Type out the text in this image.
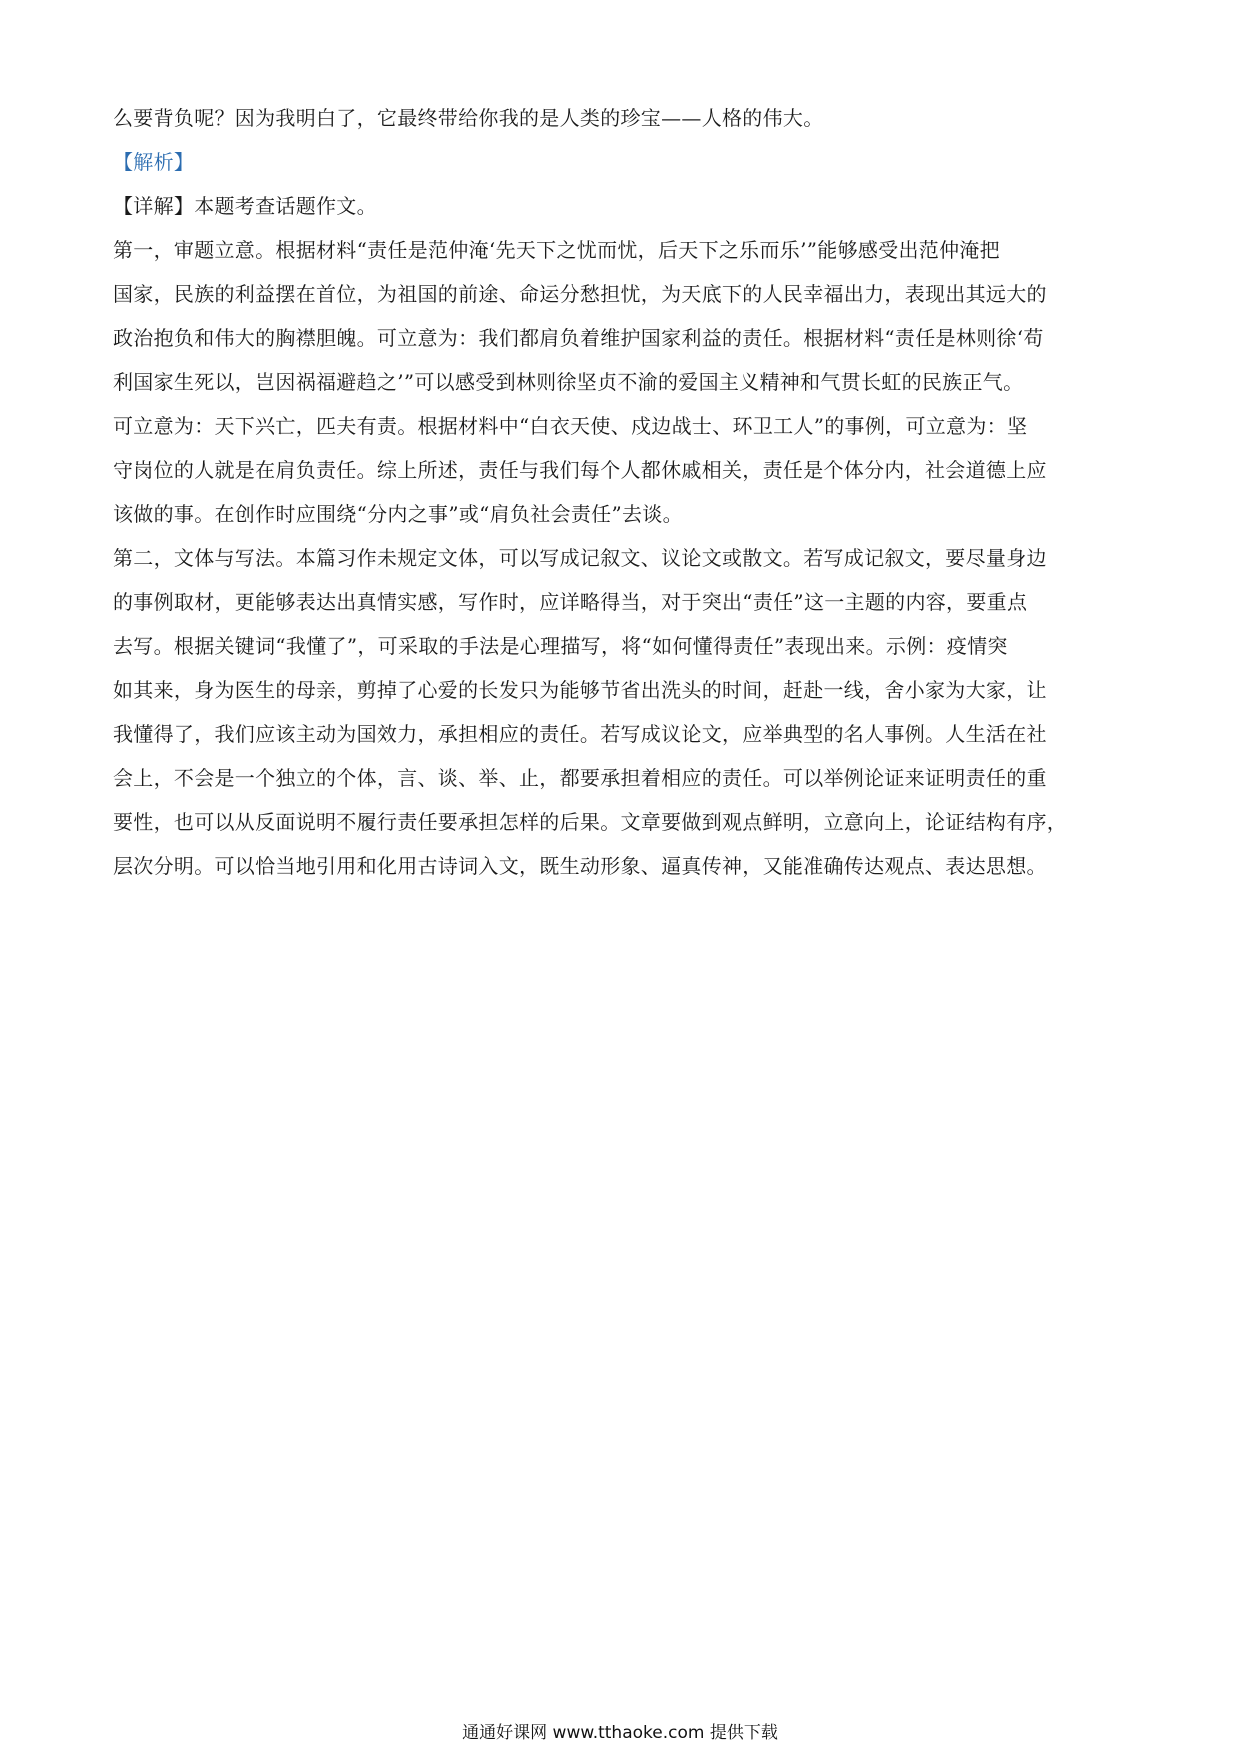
么要背负呢？因为我明白了，它最终带给你我的是人类的珍宝——人格的伟大。
【解析】
【详解】本题考查话题作文。
第一，审题立意。根据材料“责任是范仲淹‘先天下之忧而忧，后天下之乐而乐’”能够感受出范仲淹把
国家，民族的利益摆在首位，为祖国的前途、命运分愁担忧，为天底下的人民幸福出力，表现出其远大的
政治抱负和伟大的胸襟胆魄。可立意为：我们都肩负着维护国家利益的责任。根据材料“责任是林则徐‘苟
利国家生死以，岂因祸福避趋之’”可以感受到林则徐坚贞不渝的爱国主义精神和气贯长虹的民族正气。
可立意为：天下兴亡，匹夫有责。根据材料中“白衣天使、戍边战士、环卫工人”的事例，可立意为：坚
守岗位的人就是在肩负责任。综上所述，责任与我们每个人都休戚相关，责任是个体分内，社会道德上应
该做的事。在创作时应围绕“分内之事”或“肩负社会责任”去谈。
第二，文体与写法。本篇习作未规定文体，可以写成记叙文、议论文或散文。若写成记叙文，要尽量身边
的事例取材，更能够表达出真情实感，写作时，应详略得当，对于突出“责任”这一主题的内容，要重点
去写。根据关键词“我懂了”，可采取的手法是心理描写，将“如何懂得责任”表现出来。示例：疫情突
如其来，身为医生的母亲，剪掉了心爱的长发只为能够节省出洗头的时间，赶赴一线，舍小家为大家，让
我懂得了，我们应该主动为国效力，承担相应的责任。若写成议论文，应举典型的名人事例。人生活在社
会上，不会是一个独立的个体，言、谈、举、止，都要承担着相应的责任。可以举例论证来证明责任的重
要性，也可以从反面说明不履行责任要承担怎样的后果。文章要做到观点鲜明，立意向上，论证结构有序，
层次分明。可以恰当地引用和化用古诗词入文，既生动形象、逼真传神，又能准确传达观点、表达思想。
通通好课网 www.tthaoke.com 提供下载
